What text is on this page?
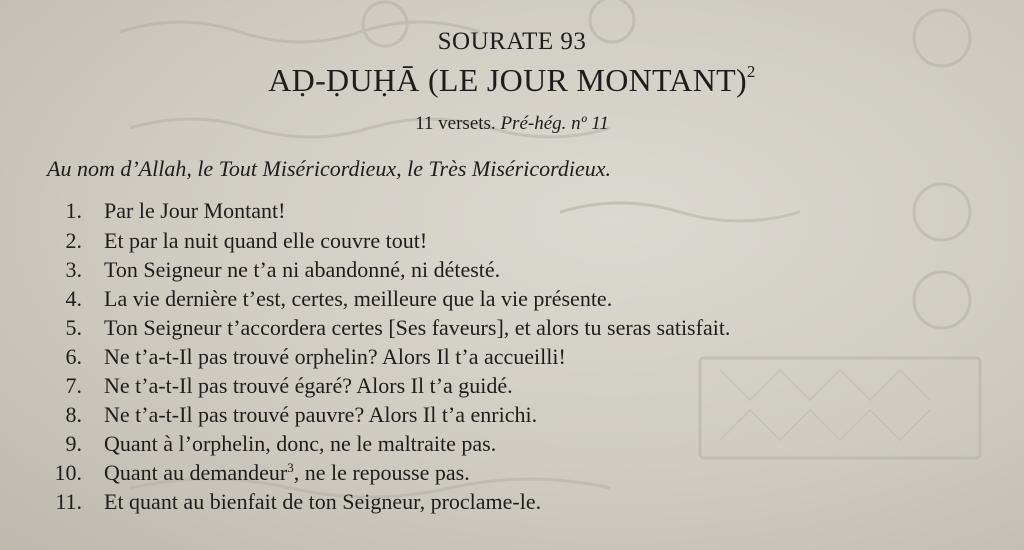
SOURATE 93
AḌ-ḌUḤĀ (LE JOUR MONTANT)$^2$
11 versets. Pré-hég. nº 11
Au nom d’Allah, le Tout Miséricordieux, le Très Miséricordieux.
1. Par le Jour Montant!
2. Et par la nuit quand elle couvre tout!
3. Ton Seigneur ne t’a ni abandonné, ni détesté.
4. La vie dernière t’est, certes, meilleure que la vie présente.
5. Ton Seigneur t’accordera certes [Ses faveurs], et alors tu seras satisfait.
6. Ne t’a-t-Il pas trouvé orphelin? Alors Il t’a accueilli!
7. Ne t’a-t-Il pas trouvé égaré? Alors Il t’a guidé.
8. Ne t’a-t-Il pas trouvé pauvre? Alors Il t’a enrichi.
9. Quant à l’orphelin, donc, ne le maltraite pas.
10. Quant au demandeur$^3$, ne le repousse pas.
11. Et quant au bienfait de ton Seigneur, proclame-le.
